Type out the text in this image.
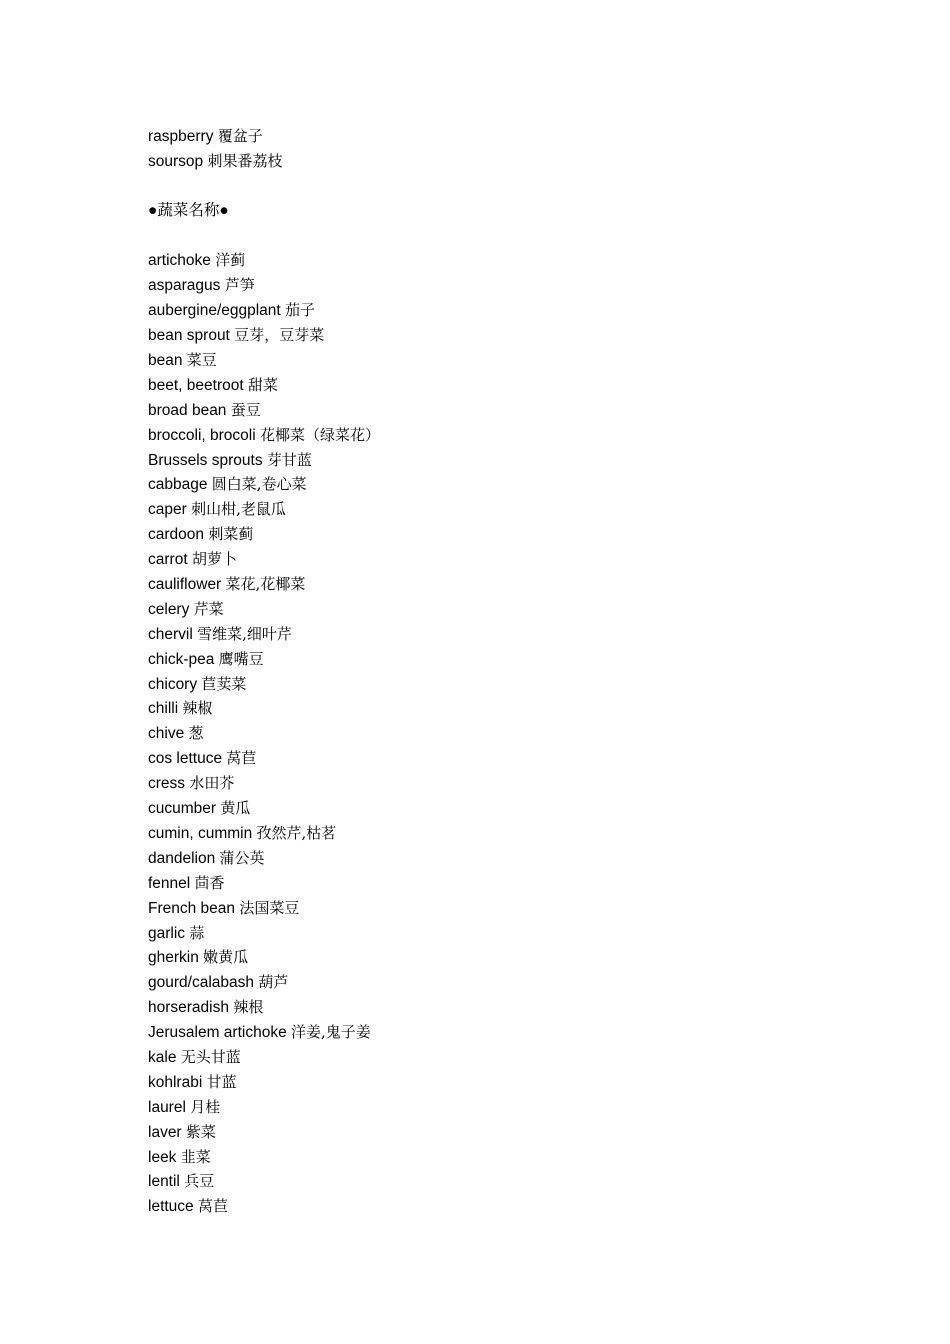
raspberry 覆盆子
soursop 刺果番荔枝
●蔬菜名称●
artichoke 洋蓟
asparagus 芦笋
aubergine/eggplant 茄子
bean sprout 豆芽，豆芽菜
bean 菜豆
beet, beetroot 甜菜
broad bean 蚕豆
broccoli, brocoli 花椰菜（绿菜花）
Brussels sprouts 芽甘蓝
cabbage 圆白菜,卷心菜
caper 刺山柑,老鼠瓜
cardoon 刺菜蓟
carrot 胡萝卜
cauliflower 菜花,花椰菜
celery 芹菜
chervil 雪维菜,细叶芹
chick-pea 鹰嘴豆
chicory 苣荬菜
chilli 辣椒
chive 葱
cos lettuce 莴苣
cress 水田芥
cucumber 黄瓜
cumin, cummin 孜然芹,枯茗
dandelion 蒲公英
fennel 茴香
French bean 法国菜豆
garlic 蒜
gherkin 嫩黄瓜
gourd/calabash 葫芦
horseradish 辣根
Jerusalem artichoke 洋姜,鬼子姜
kale 无头甘蓝
kohlrabi 甘蓝
laurel 月桂
laver 紫菜
leek 韭菜
lentil 兵豆
lettuce 莴苣
